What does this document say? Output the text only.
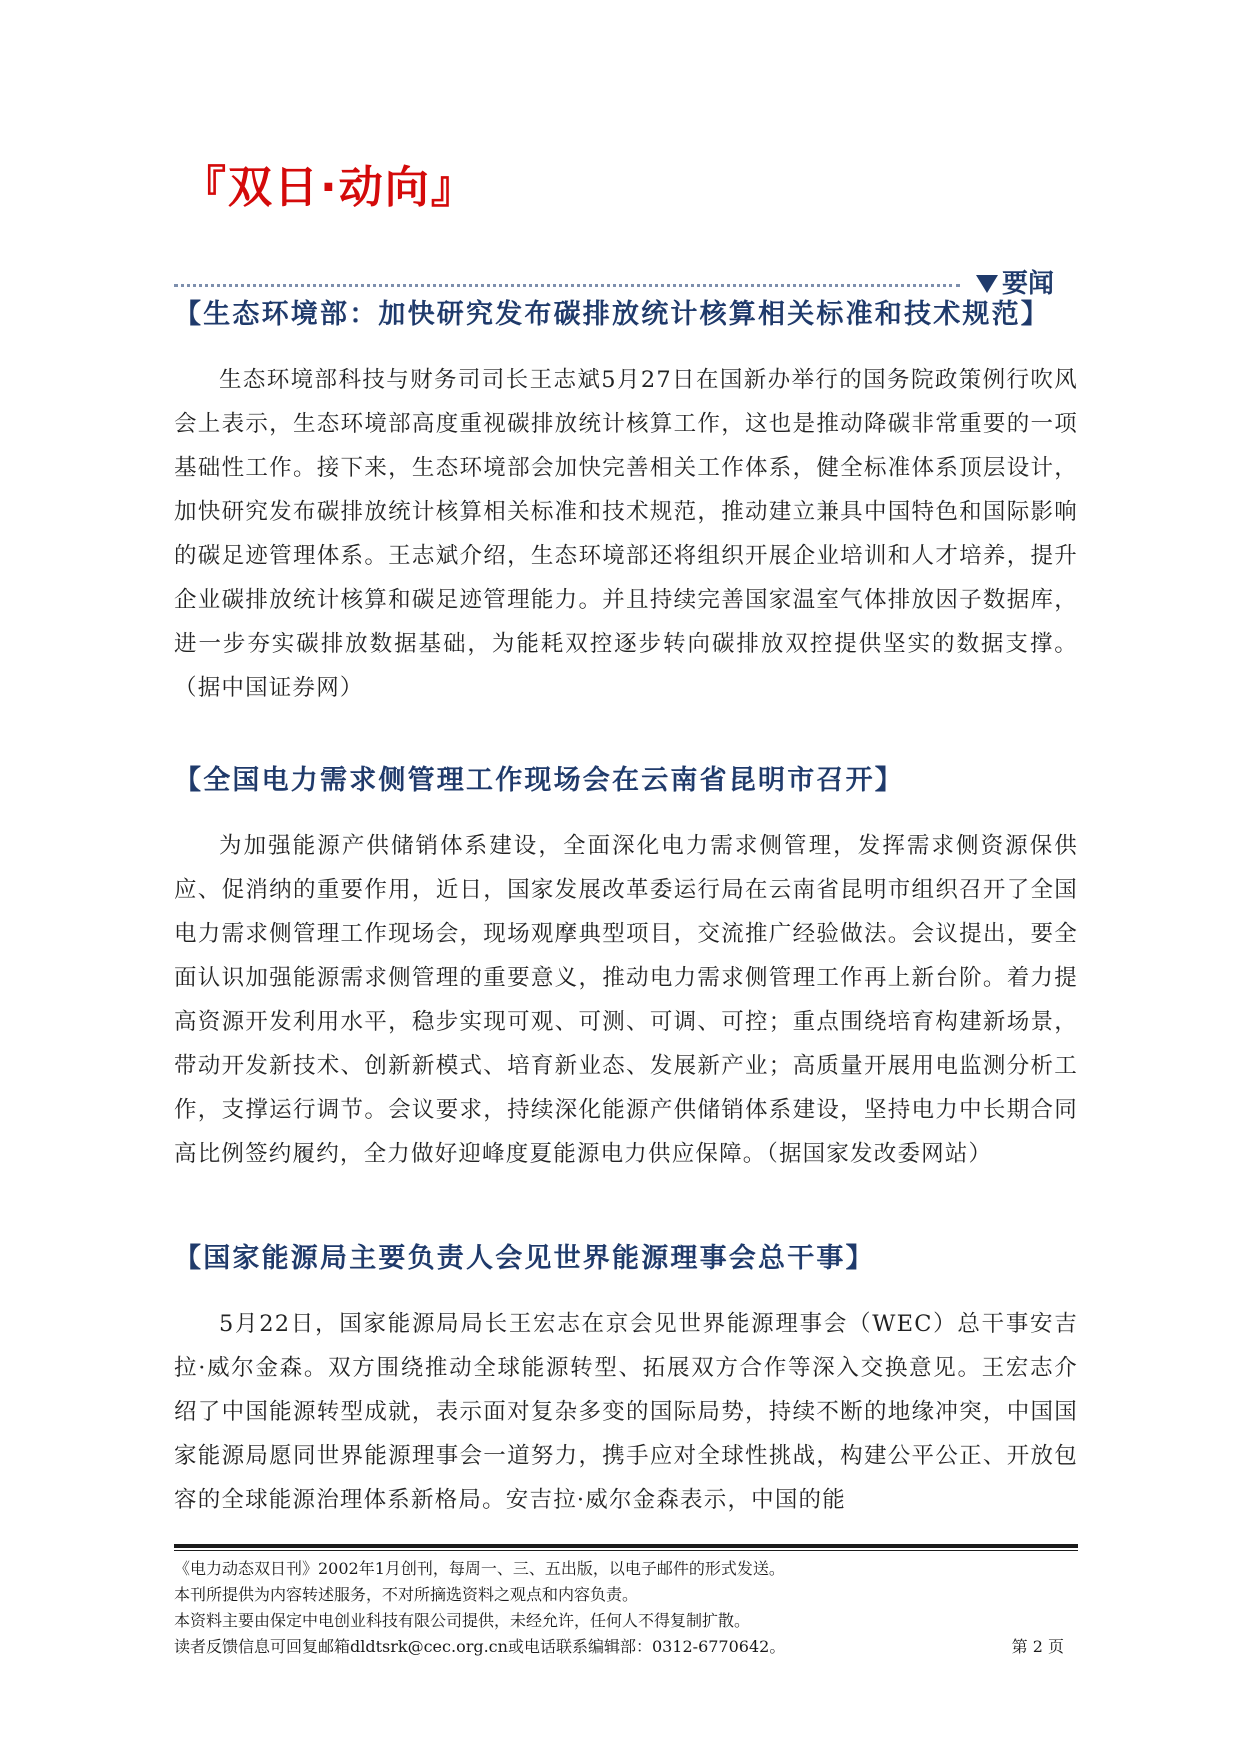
『双日·动向』
要闻
【生态环境部：加快研究发布碳排放统计核算相关标准和技术规范】

生态环境部科技与财务司司长王志斌5月27日在国新办举行的国务院政策例行吹风会上表示，生态环境部高度重视碳排放统计核算工作，这也是推动降碳非常重要的一项基础性工作。接下来，生态环境部会加快完善相关工作体系，健全标准体系顶层设计，加快研究发布碳排放统计核算相关标准和技术规范，推动建立兼具中国特色和国际影响的碳足迹管理体系。王志斌介绍，生态环境部还将组织开展企业培训和人才培养，提升企业碳排放统计核算和碳足迹管理能力。并且持续完善国家温室气体排放因子数据库，进一步夯实碳排放数据基础，为能耗双控逐步转向碳排放双控提供坚实的数据支撑。（据中国证券网）

【全国电力需求侧管理工作现场会在云南省昆明市召开】

为加强能源产供储销体系建设，全面深化电力需求侧管理，发挥需求侧资源保供应、促消纳的重要作用，近日，国家发展改革委运行局在云南省昆明市组织召开了全国电力需求侧管理工作现场会，现场观摩典型项目，交流推广经验做法。会议提出，要全面认识加强能源需求侧管理的重要意义，推动电力需求侧管理工作再上新台阶。着力提高资源开发利用水平，稳步实现可观、可测、可调、可控；重点围绕培育构建新场景，带动开发新技术、创新新模式、培育新业态、发展新产业；高质量开展用电监测分析工作，支撑运行调节。会议要求，持续深化能源产供储销体系建设，坚持电力中长期合同高比例签约履约，全力做好迎峰度夏能源电力供应保障。（据国家发改委网站）

【国家能源局主要负责人会见世界能源理事会总干事】

5月22日，国家能源局局长王宏志在京会见世界能源理事会（WEC）总干事安吉拉·威尔金森。双方围绕推动全球能源转型、拓展双方合作等深入交换意见。王宏志介绍了中国能源转型成就，表示面对复杂多变的国际局势，持续不断的地缘冲突，中国国家能源局愿同世界能源理事会一道努力，携手应对全球性挑战，构建公平公正、开放包容的全球能源治理体系新格局。安吉拉·威尔金森表示，中国的能

《电力动态双日刊》2002年1月创刊，每周一、三、五出版，以电子邮件的形式发送。
本刊所提供为内容转述服务，不对所摘选资料之观点和内容负责。
本资料主要由保定中电创业科技有限公司提供，未经允许，任何人不得复制扩散。
读者反馈信息可回复邮箱dldtsrk@cec.org.cn或电话联系编辑部：0312-6770642。	第 2 页
